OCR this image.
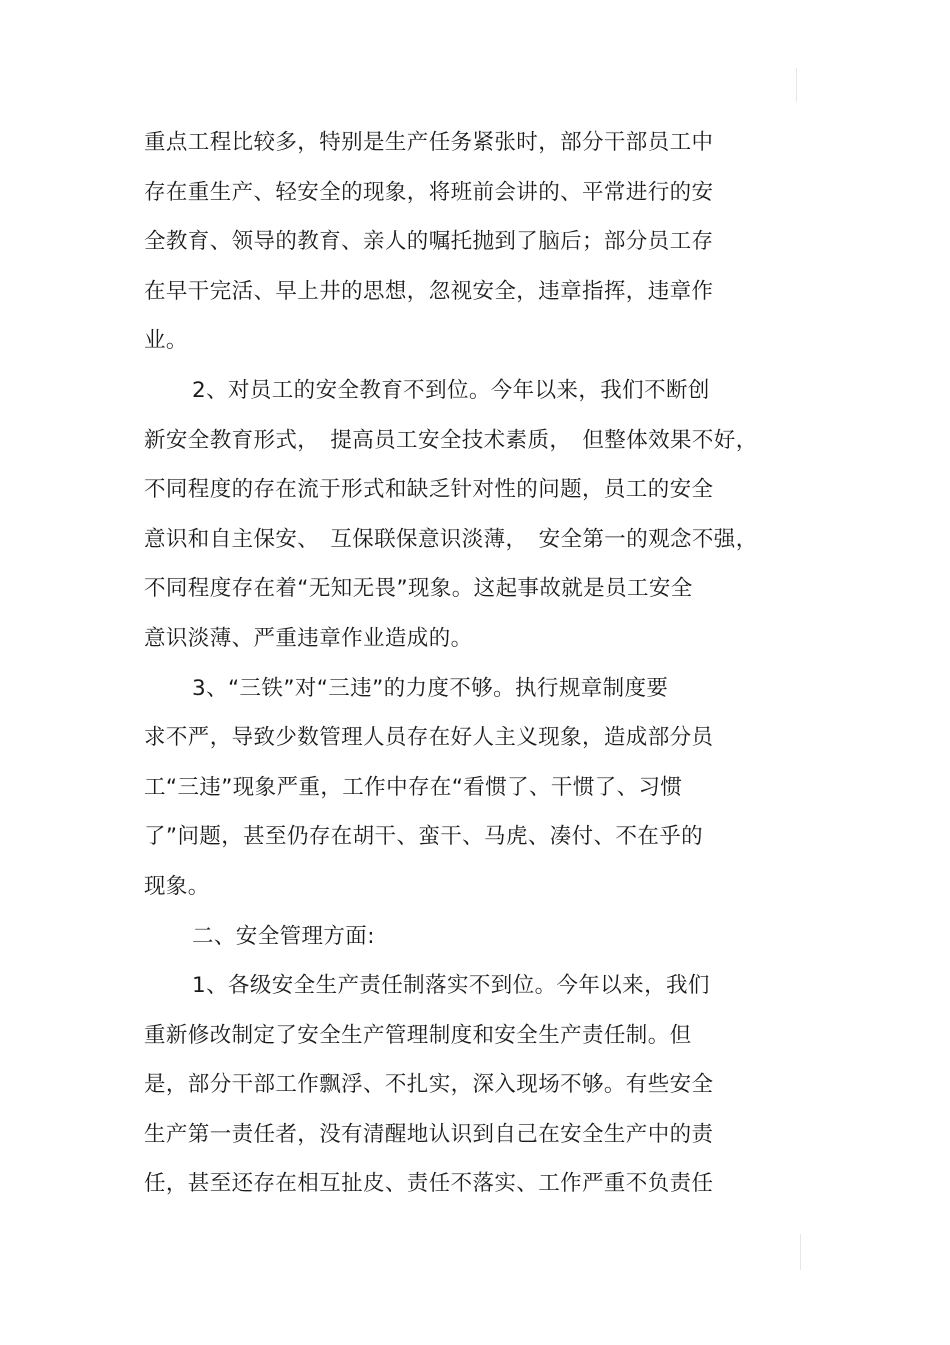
重点工程比较多，特别是生产任务紧张时，部分干部员工中
存在重生产、轻安全的现象，将班前会讲的、平常进行的安
全教育、领导的教育、亲人的嘱托抛到了脑后；部分员工存
在早干完活、早上井的思想，忽视安全，违章指挥，违章作
业。
2、对员工的安全教育不到位。今年以来，我们不断创
新安全教育形式，　提高员工安全技术素质，　但整体效果不好，
不同程度的存在流于形式和缺乏针对性的问题，员工的安全
意识和自主保安、　互保联保意识淡薄，　安全第一的观念不强，
不同程度存在着“无知无畏”现象。这起事故就是员工安全
意识淡薄、严重违章作业造成的。
3、“三铁”对“三违”的力度不够。执行规章制度要
求不严，导致少数管理人员存在好人主义现象，造成部分员
工“三违”现象严重，工作中存在“看惯了、干惯了、习惯
了”问题，甚至仍存在胡干、蛮干、马虎、凑付、不在乎的
现象。
二、安全管理方面:
1、各级安全生产责任制落实不到位。今年以来，我们
重新修改制定了安全生产管理制度和安全生产责任制。但
是，部分干部工作飘浮、不扎实，深入现场不够。有些安全
生产第一责任者，没有清醒地认识到自己在安全生产中的责
任，甚至还存在相互扯皮、责任不落实、工作严重不负责任
